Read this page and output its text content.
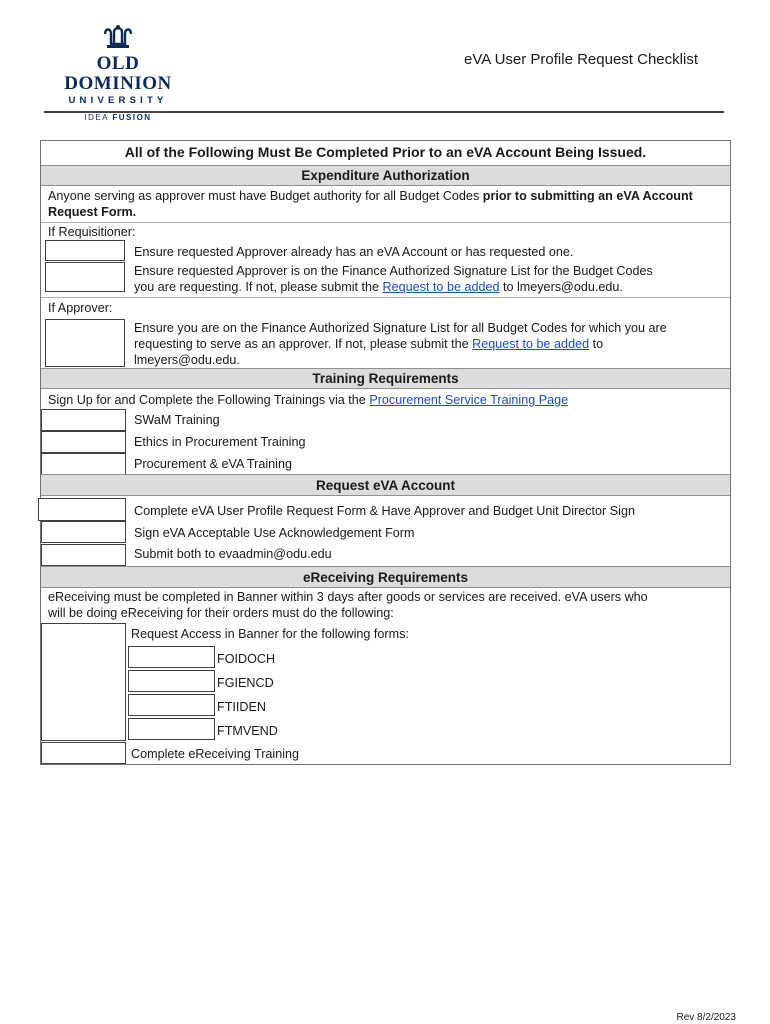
OLD DOMINION
UNIVERSITY
IDEA FUSION
eVA User Profile Request Checklist
All of the Following Must Be Completed Prior to an eVA Account Being Issued.
Expenditure Authorization
Anyone serving as approver must have Budget authority for all Budget Codes prior to submitting an eVA Account Request Form.
If Requisitioner:
Ensure requested Approver already has an eVA Account or has requested one.
Ensure requested Approver is on the Finance Authorized Signature List for the Budget Codes
you are requesting. If not, please submit the Request to be added to lmeyers@odu.edu.
If Approver:
Ensure you are on the Finance Authorized Signature List for all Budget Codes for which you are
requesting to serve as an approver. If not, please submit the Request to be added to
lmeyers@odu.edu.
Training Requirements
Sign Up for and Complete the Following Trainings via the Procurement Service Training Page
SWaM Training
Ethics in Procurement Training
Procurement & eVA Training
Request eVA Account
Complete eVA User Profile Request Form & Have Approver and Budget Unit Director Sign
Sign eVA Acceptable Use Acknowledgement Form
Submit both to evaadmin@odu.edu
eReceiving Requirements
eReceiving must be completed in Banner within 3 days after goods or services are received. eVA users who
will be doing eReceiving for their orders must do the following:
Request Access in Banner for the following forms:
FOIDOCH
FGIENCD
FTIIDEN
FTMVEND
Complete eReceiving Training
Rev 8/2/2023
